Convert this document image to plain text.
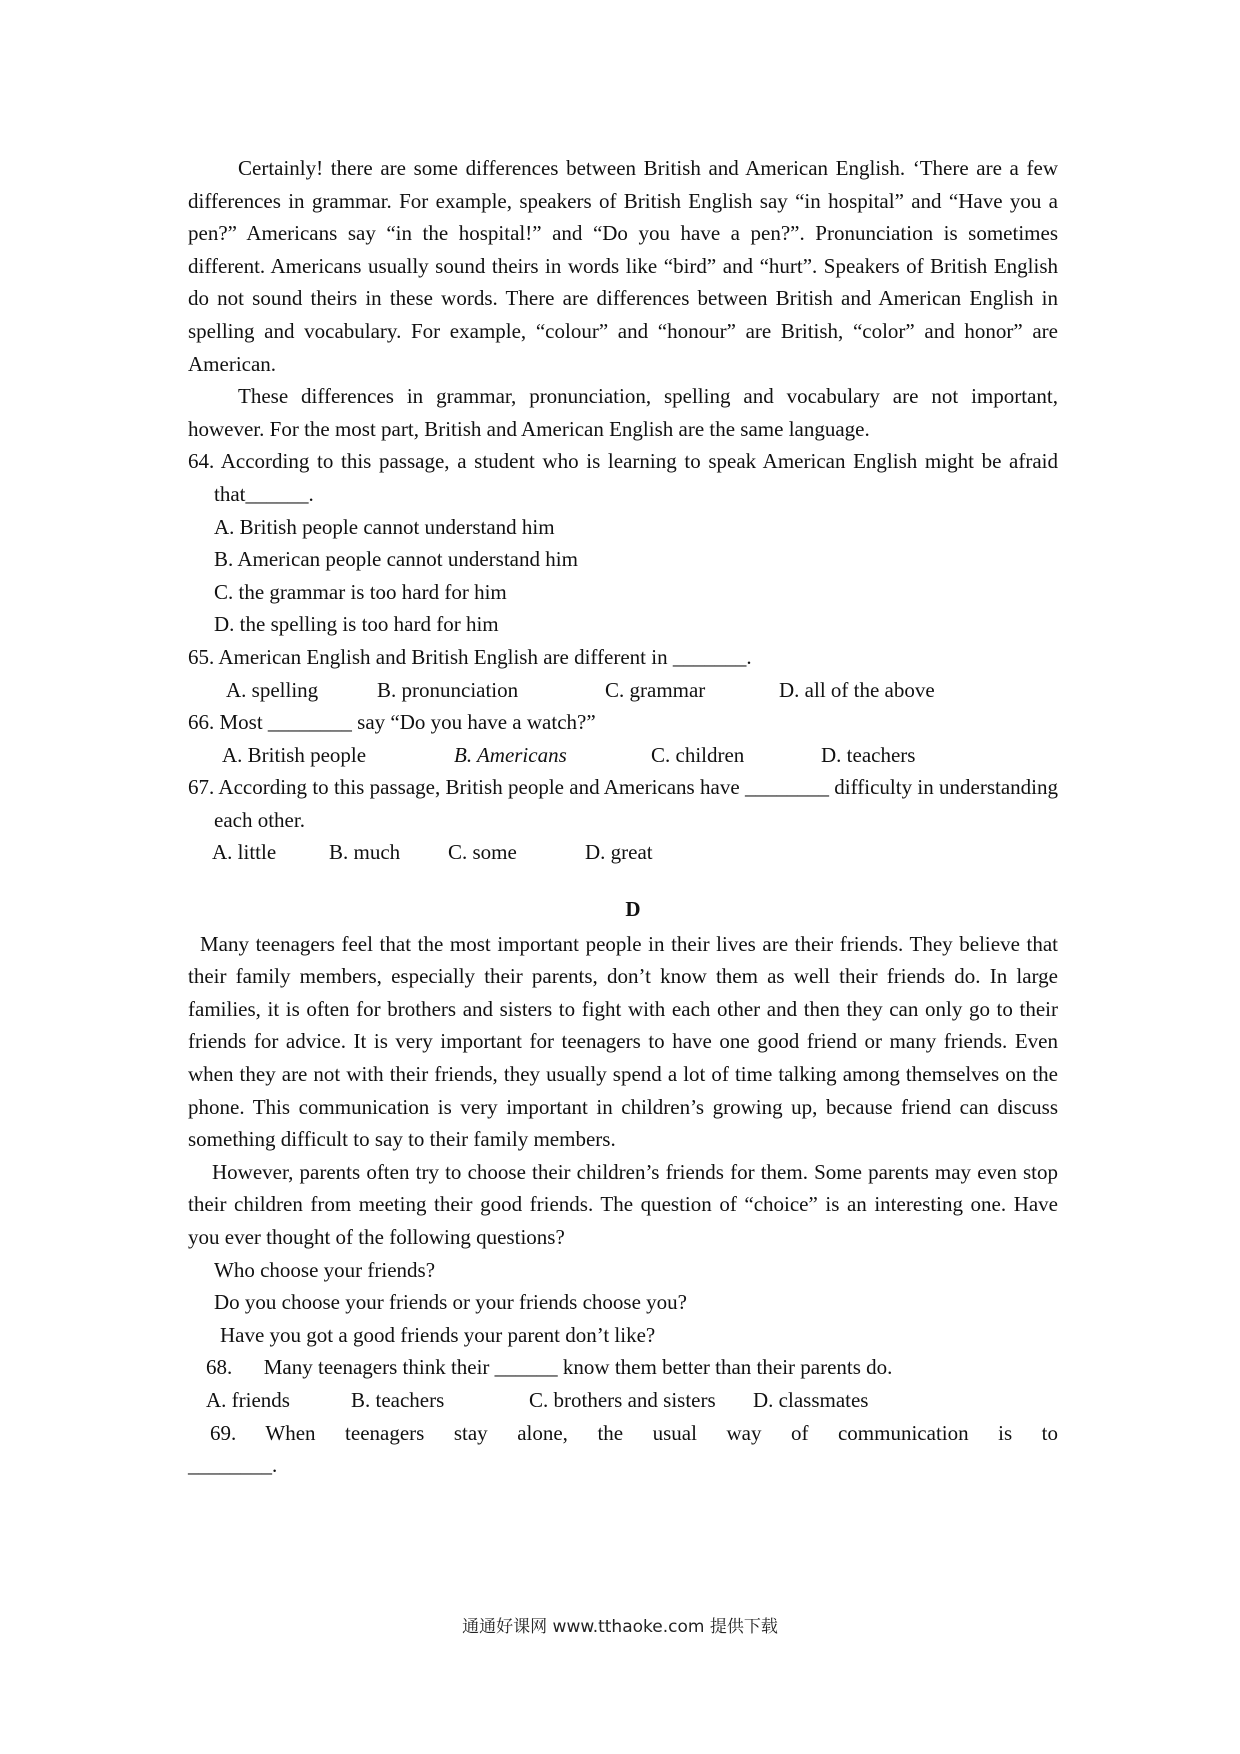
Certainly! there are some differences between British and American English. ‘There are a few differences in grammar. For example, speakers of British English say “in hospital” and “Have you a pen?” Americans say “in the hospital!” and “Do you have a pen?”. Pronunciation is sometimes different. Americans usually sound theirs in words like “bird” and “hurt”. Speakers of British English do not sound theirs in these words. There are differences between British and American English in spelling and vocabulary. For example, “colour” and “honour” are British, “color” and honor” are American.

These differences in grammar, pronunciation, spelling and vocabulary are not important, however. For the most part, British and American English are the same language.

64. According to this passage, a student who is learning to speak American English might be afraid that______.

A. British people cannot understand him

B. American people cannot understand him

C. the grammar is too hard for him

D. the spelling is too hard for him

65. American English and British English are different in _______.

A. spelling	B. pronunciation	C. grammar	D. all of the above

66. Most ________ say “Do you have a watch?”

A. British people	B. Americans	C. children	D. teachers

67. According to this passage, British people and Americans have ________ difficulty in understanding each other.

A. little	B. much	C. some	D. great
D

Many teenagers feel that the most important people in their lives are their friends. They believe that their family members, especially their parents, don’t know them as well their friends do. In large families, it is often for brothers and sisters to fight with each other and then they can only go to their friends for advice. It is very important for teenagers to have one good friend or many friends. Even when they are not with their friends, they usually spend a lot of time talking among themselves on the phone. This communication is very important in children’s growing up, because friend can discuss something difficult to say to their family members.

However, parents often try to choose their children’s friends for them. Some parents may even stop their children from meeting their good friends. The question of “choice” is an interesting one. Have you ever thought of the following questions?

Who choose your friends?

Do you choose your friends or your friends choose you?

Have you got a good friends your parent don’t like?

68.      Many teenagers think their ______ know them better than their parents do.

A. friends	B. teachers	C. brothers and sisters	D. classmates

69. When teenagers stay alone, the usual way of communication is to

________.

通通好课网 www.tthaoke.com 提供下载
